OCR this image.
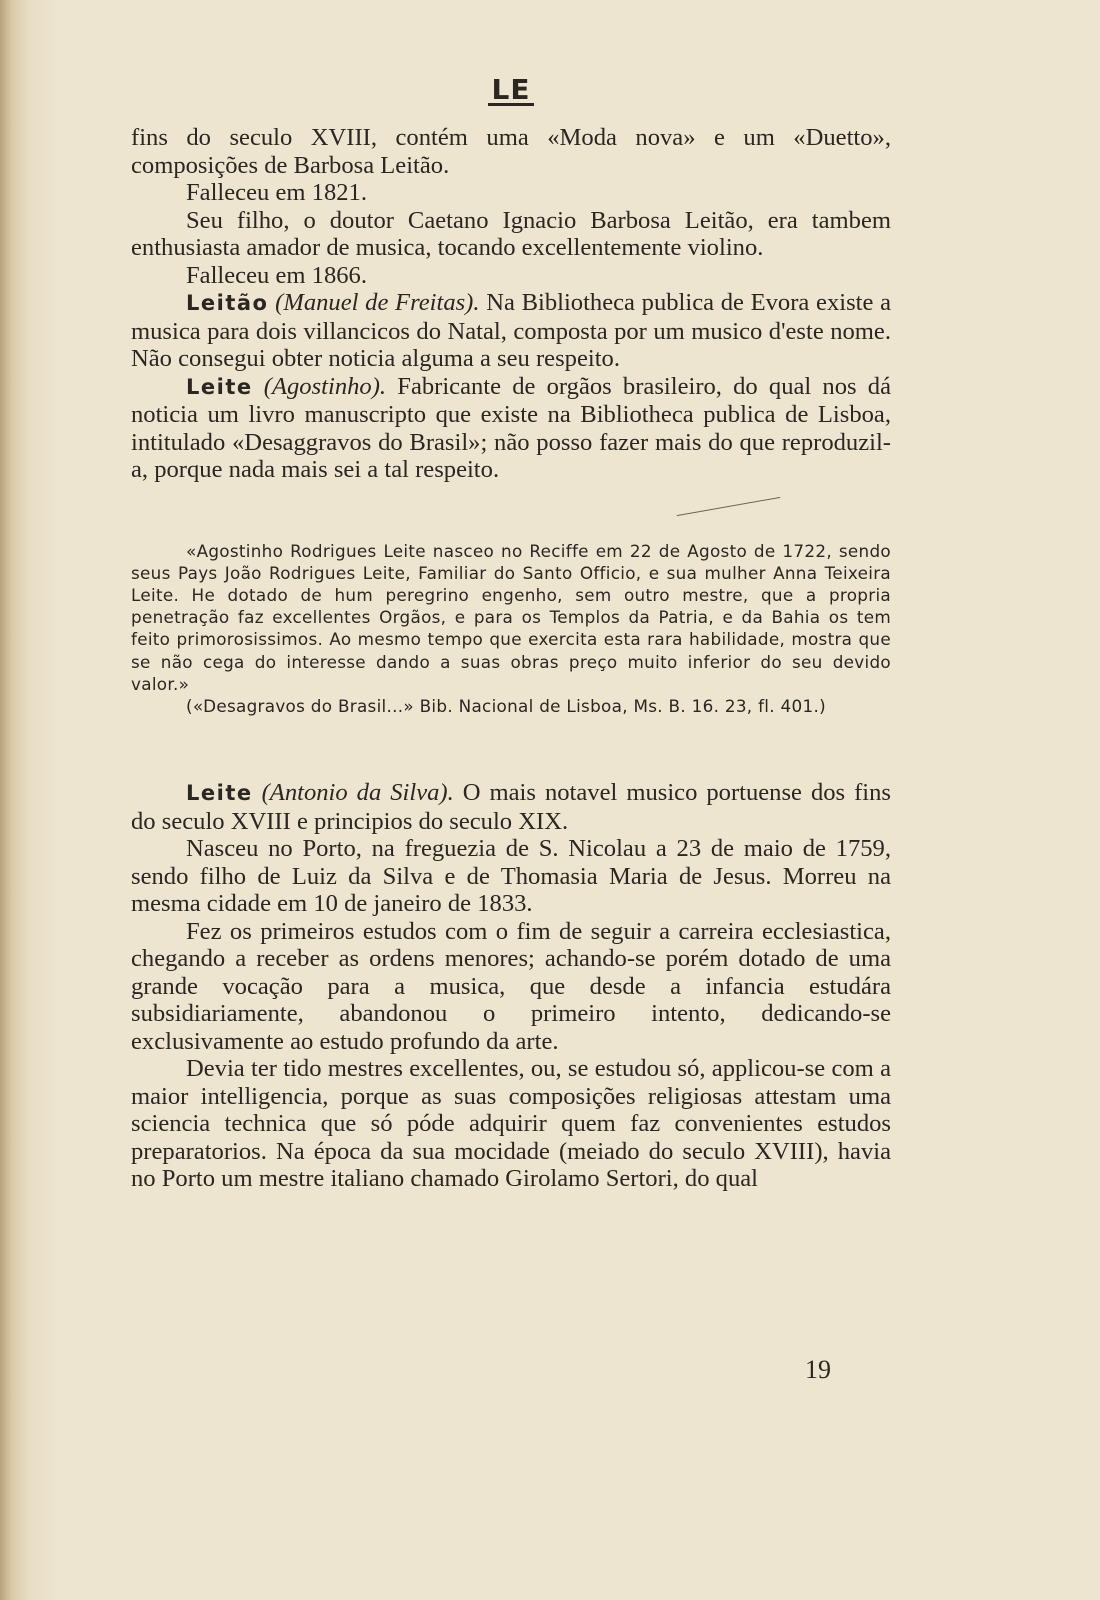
LE

fins do seculo XVIII, contém uma «Moda nova» e um «Duetto», composições de Barbosa Leitão.

Falleceu em 1821.

Seu filho, o doutor Caetano Ignacio Barbosa Leitão, era tambem enthusiasta amador de musica, tocando excellentemente violino.

Falleceu em 1866.

Leitão (Manuel de Freitas). Na Bibliotheca publica de Evora existe a musica para dois villancicos do Natal, composta por um musico d'este nome. Não consegui obter noticia alguma a seu respeito.

Leite (Agostinho). Fabricante de orgãos brasileiro, do qual nos dá noticia um livro manuscripto que existe na Bibliotheca publica de Lisboa, intitulado «Desaggravos do Brasil»; não posso fazer mais do que reproduzil-a, porque nada mais sei a tal respeito.

«Agostinho Rodrigues Leite nasceo no Reciffe em 22 de Agosto de 1722, sendo seus Pays João Rodrigues Leite, Familiar do Santo Officio, e sua mulher Anna Teixeira Leite. He dotado de hum peregrino engenho, sem outro mestre, que a propria penetração faz excellentes Orgãos, e para os Templos da Patria, e da Bahia os tem feito primorosissimos. Ao mesmo tempo que exercita esta rara habilidade, mostra que se não cega do interesse dando a suas obras preço muito inferior do seu devido valor.»

(«Desagravos do Brasil...» Bib. Nacional de Lisboa, Ms. B. 16. 23, fl. 401.)

Leite (Antonio da Silva). O mais notavel musico portuense dos fins do seculo XVIII e principios do seculo XIX.

Nasceu no Porto, na freguezia de S. Nicolau a 23 de maio de 1759, sendo filho de Luiz da Silva e de Thomasia Maria de Jesus. Morreu na mesma cidade em 10 de janeiro de 1833.

Fez os primeiros estudos com o fim de seguir a carreira ecclesiastica, chegando a receber as ordens menores; achando-se porém dotado de uma grande vocação para a musica, que desde a infancia estudára subsidiariamente, abandonou o primeiro intento, dedicando-se exclusivamente ao estudo profundo da arte.

Devia ter tido mestres excellentes, ou, se estudou só, applicou-se com a maior intelligencia, porque as suas composições religiosas attestam uma sciencia technica que só póde adquirir quem faz convenientes estudos preparatorios. Na época da sua mocidade (meiado do seculo XVIII), havia no Porto um mestre italiano chamado Girolamo Sertori, do qual

19
